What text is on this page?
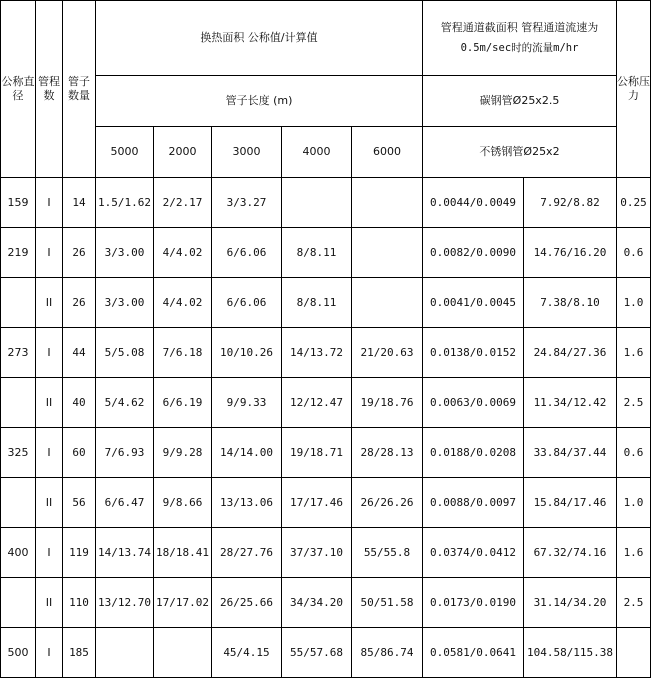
公称直径	管程数	管子数量	换热面积 公称值/计算值					管程通道截面积 管程通道流速为
0.5m/sec时的流量m/hr		公称压力
			管子长度 (m)					碳钢管Ø25x2.5		
			5000	2000	3000	4000	6000	不锈钢管Ø25x2		
159	I	14	1.5/1.62	2/2.17	3/3.27			0.0044/0.0049	7.92/8.82	0.25
219	I	26	3/3.00	4/4.02	6/6.06	8/8.11		0.0082/0.0090	14.76/16.20	0.6
	II	26	3/3.00	4/4.02	6/6.06	8/8.11		0.0041/0.0045	7.38/8.10	1.0
273	I	44	5/5.08	7/6.18	10/10.26	14/13.72	21/20.63	0.0138/0.0152	24.84/27.36	1.6
	II	40	5/4.62	6/6.19	9/9.33	12/12.47	19/18.76	0.0063/0.0069	11.34/12.42	2.5
325	I	60	7/6.93	9/9.28	14/14.00	19/18.71	28/28.13	0.0188/0.0208	33.84/37.44	0.6
	II	56	6/6.47	9/8.66	13/13.06	17/17.46	26/26.26	0.0088/0.0097	15.84/17.46	1.0
400	I	119	14/13.74	18/18.41	28/27.76	37/37.10	55/55.8	0.0374/0.0412	67.32/74.16	1.6
	II	110	13/12.70	17/17.02	26/25.66	34/34.20	50/51.58	0.0173/0.0190	31.14/34.20	2.5
500	I	185			45/4.15	55/57.68	85/86.74	0.0581/0.0641	104.58/115.38	
